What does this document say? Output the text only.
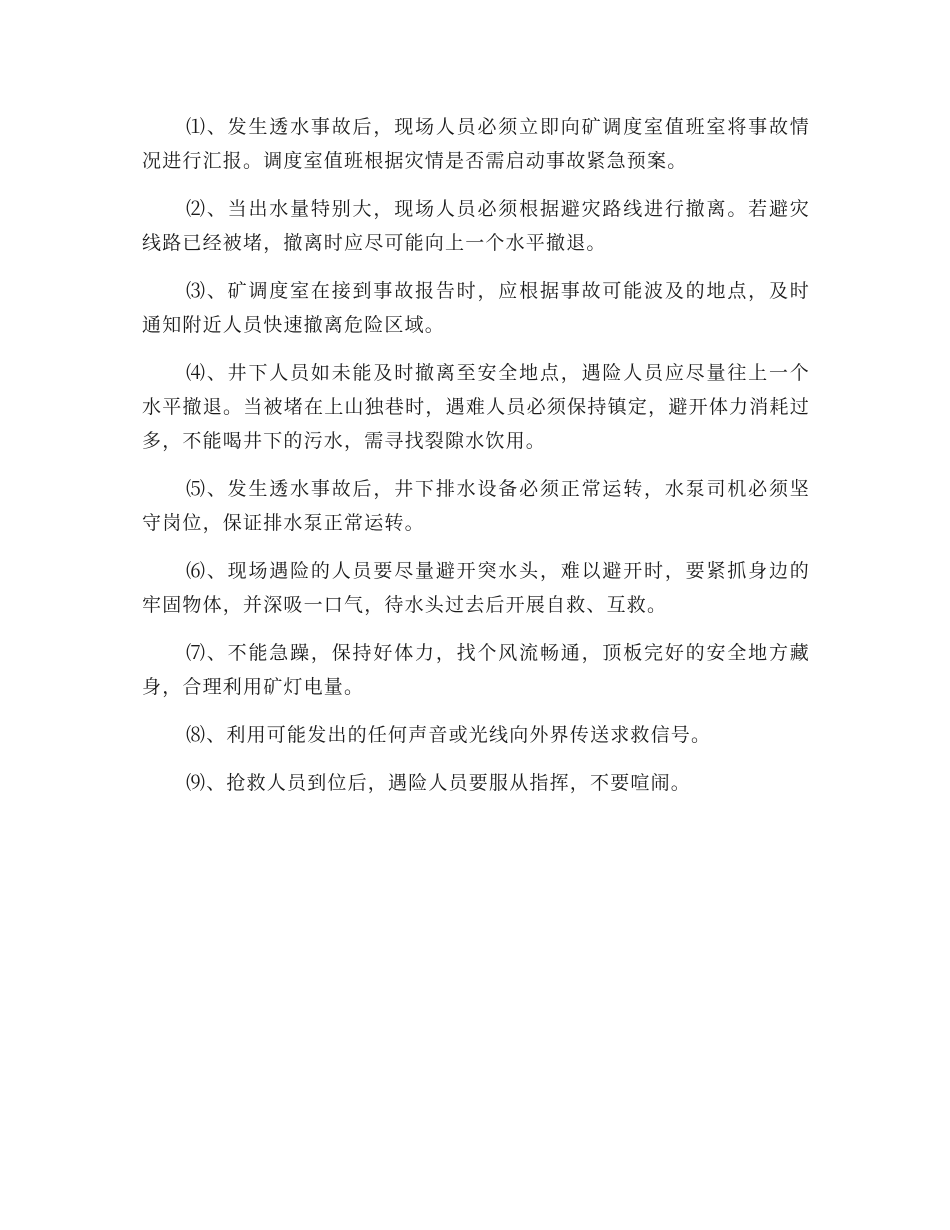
⑴、发生透水事故后，现场人员必须立即向矿调度室值班室将事故情况进行汇报。调度室值班根据灾情是否需启动事故紧急预案。

⑵、当出水量特别大，现场人员必须根据避灾路线进行撤离。若避灾线路已经被堵，撤离时应尽可能向上一个水平撤退。

⑶、矿调度室在接到事故报告时，应根据事故可能波及的地点，及时通知附近人员快速撤离危险区域。

⑷、井下人员如未能及时撤离至安全地点，遇险人员应尽量往上一个水平撤退。当被堵在上山独巷时，遇难人员必须保持镇定，避开体力消耗过多，不能喝井下的污水，需寻找裂隙水饮用。

⑸、发生透水事故后，井下排水设备必须正常运转，水泵司机必须坚守岗位，保证排水泵正常运转。

⑹、现场遇险的人员要尽量避开突水头，难以避开时，要紧抓身边的牢固物体，并深吸一口气，待水头过去后开展自救、互救。

⑺、不能急躁，保持好体力，找个风流畅通，顶板完好的安全地方藏身，合理利用矿灯电量。

⑻、利用可能发出的任何声音或光线向外界传送求救信号。

⑼、抢救人员到位后，遇险人员要服从指挥，不要喧闹。
